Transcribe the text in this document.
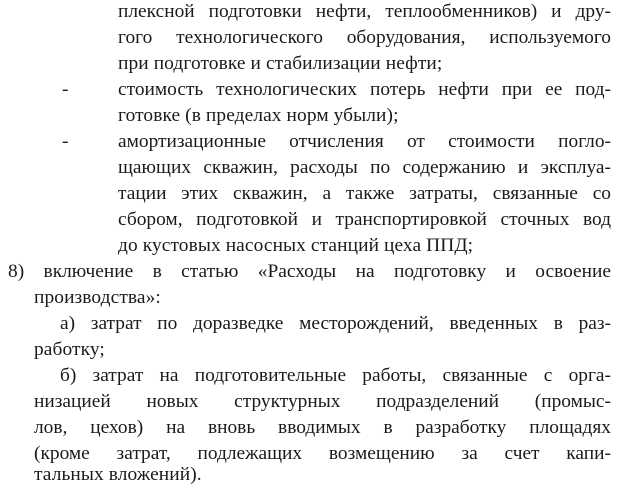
плексной подготовки нефти, теплообменников) и дру-
гого технологического оборудования, используемого
при подготовке и стабилизации нефти;
-	стоимость технологических потерь нефти при ее под-
готовке (в пределах норм убыли);
-	амортизационные отчисления от стоимости погло-
щающих скважин, расходы по содержанию и эксплуа-
тации этих скважин, а также затраты, связанные со
сбором, подготовкой и транспортировкой сточных вод
до кустовых насосных станций цеха ППД;
8) включение в статью «Расходы на подготовку и освоение
производства»:
а) затрат по доразведке месторождений, введенных в раз-
работку;
б) затрат на подготовительные работы, связанные с орга-
низацией новых структурных подразделений (промыс-
лов, цехов) на вновь вводимых в разработку площадях
(кроме затрат, подлежащих возмещению за счет капи-
тальных вложений).
